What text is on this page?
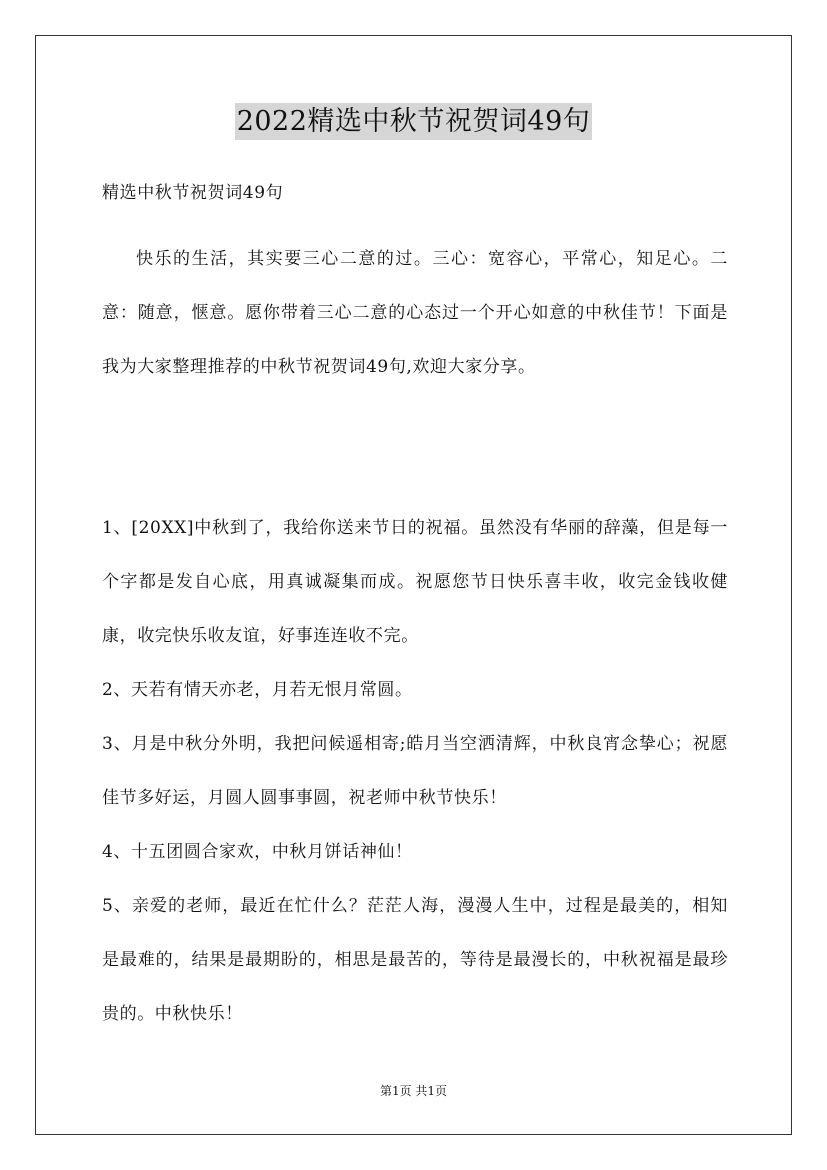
2022精选中秋节祝贺词49句

精选中秋节祝贺词49句

快乐的生活，其实要三心二意的过。三心：宽容心，平常心，知足心。二意：随意，惬意。愿你带着三心二意的心态过一个开心如意的中秋佳节！下面是我为大家整理推荐的中秋节祝贺词49句,欢迎大家分享。

1、[20XX]中秋到了，我给你送来节日的祝福。虽然没有华丽的辞藻，但是每一个字都是发自心底，用真诚凝集而成。祝愿您节日快乐喜丰收，收完金钱收健康，收完快乐收友谊，好事连连收不完。

2、天若有情天亦老，月若无恨月常圆。

3、月是中秋分外明，我把问候遥相寄;皓月当空洒清辉，中秋良宵念挚心；祝愿佳节多好运，月圆人圆事事圆，祝老师中秋节快乐！

4、十五团圆合家欢，中秋月饼话神仙！

5、亲爱的老师，最近在忙什么？茫茫人海，漫漫人生中，过程是最美的，相知是最难的，结果是最期盼的，相思是最苦的，等待是最漫长的，中秋祝福是最珍贵的。中秋快乐！

第1页 共1页
